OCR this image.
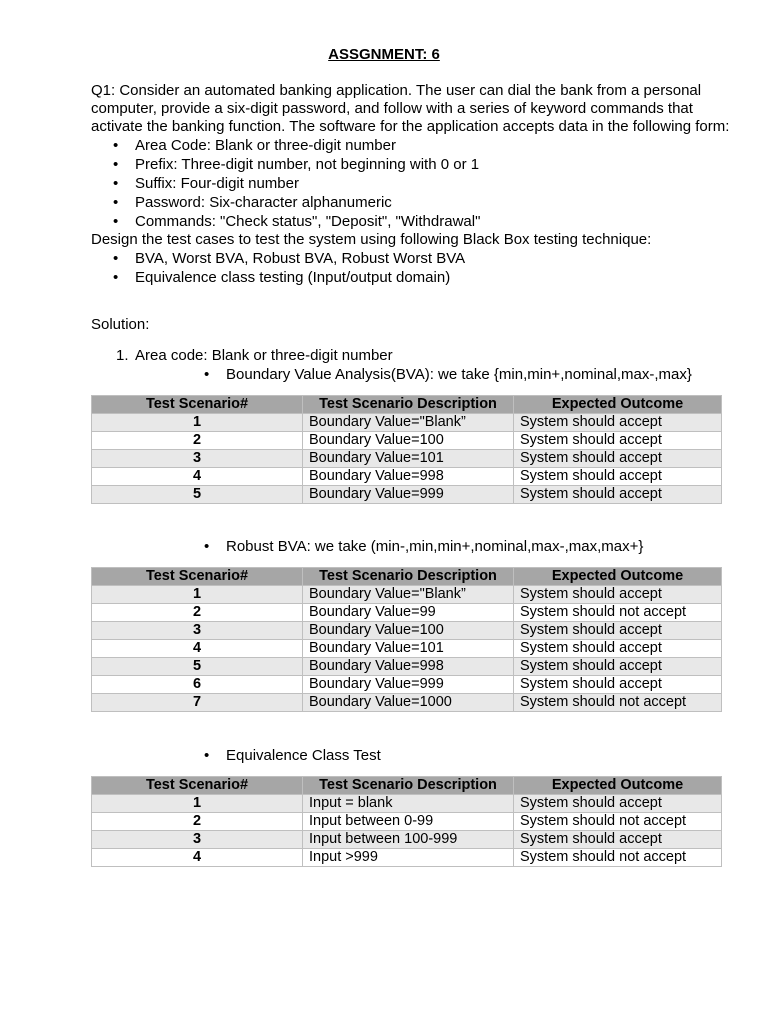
ASSGNMENT: 6
Q1: Consider an automated banking application. The user can dial the bank from a personal computer, provide a six-digit password, and follow with a series of keyword commands that activate the banking function. The software for the application accepts data in the following form:
• Area Code: Blank or three-digit number
• Prefix: Three-digit number, not beginning with 0 or 1
• Suffix: Four-digit number
• Password: Six-character alphanumeric
• Commands: "Check status", "Deposit", "Withdrawal"
Design the test cases to test the system using following Black Box testing technique:
• BVA, Worst BVA, Robust BVA, Robust Worst BVA
• Equivalence class testing (Input/output domain)
Solution:
1. Area code: Blank or three-digit number
• Boundary Value Analysis(BVA): we take {min,min+,nominal,max-,max}
Test Scenario#	Test Scenario Description	Expected Outcome
1	Boundary Value="Blank”	System should accept
2	Boundary Value=100	System should accept
3	Boundary Value=101	System should accept
4	Boundary Value=998	System should accept
5	Boundary Value=999	System should accept
• Robust BVA: we take (min-,min,min+,nominal,max-,max,max+}
Test Scenario#	Test Scenario Description	Expected Outcome
1	Boundary Value="Blank”	System should accept
2	Boundary Value=99	System should not accept
3	Boundary Value=100	System should accept
4	Boundary Value=101	System should accept
5	Boundary Value=998	System should accept
6	Boundary Value=999	System should accept
7	Boundary Value=1000	System should not accept
• Equivalence Class Test
Test Scenario#	Test Scenario Description	Expected Outcome
1	Input = blank	System should accept
2	Input between 0-99	System should not accept
3	Input between 100-999	System should accept
4	Input >999	System should not accept
